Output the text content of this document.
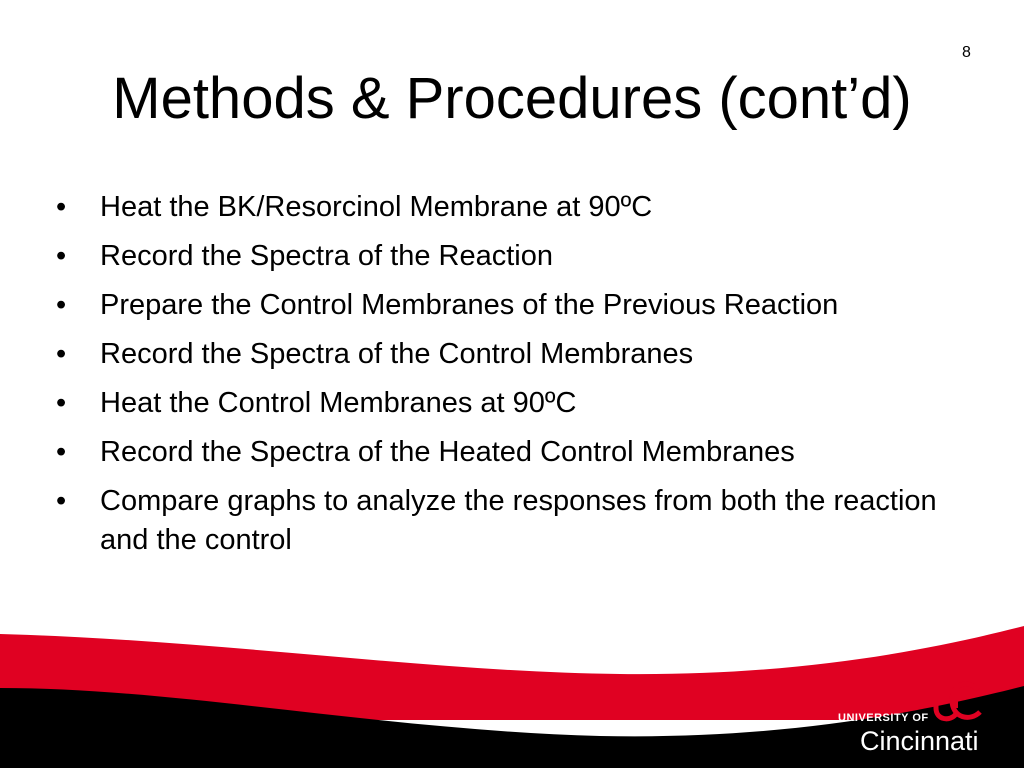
8
Methods & Procedures (cont’d)
• Heat the BK/Resorcinol Membrane at 90ºC
• Record the Spectra of the Reaction
• Prepare the Control Membranes of the Previous Reaction
• Record the Spectra of the Control Membranes
• Heat the Control Membranes at 90ºC
• Record the Spectra of the Heated Control Membranes
• Compare graphs to analyze the responses from both the reaction and the control
UNIVERSITY OF
Cincinnati
